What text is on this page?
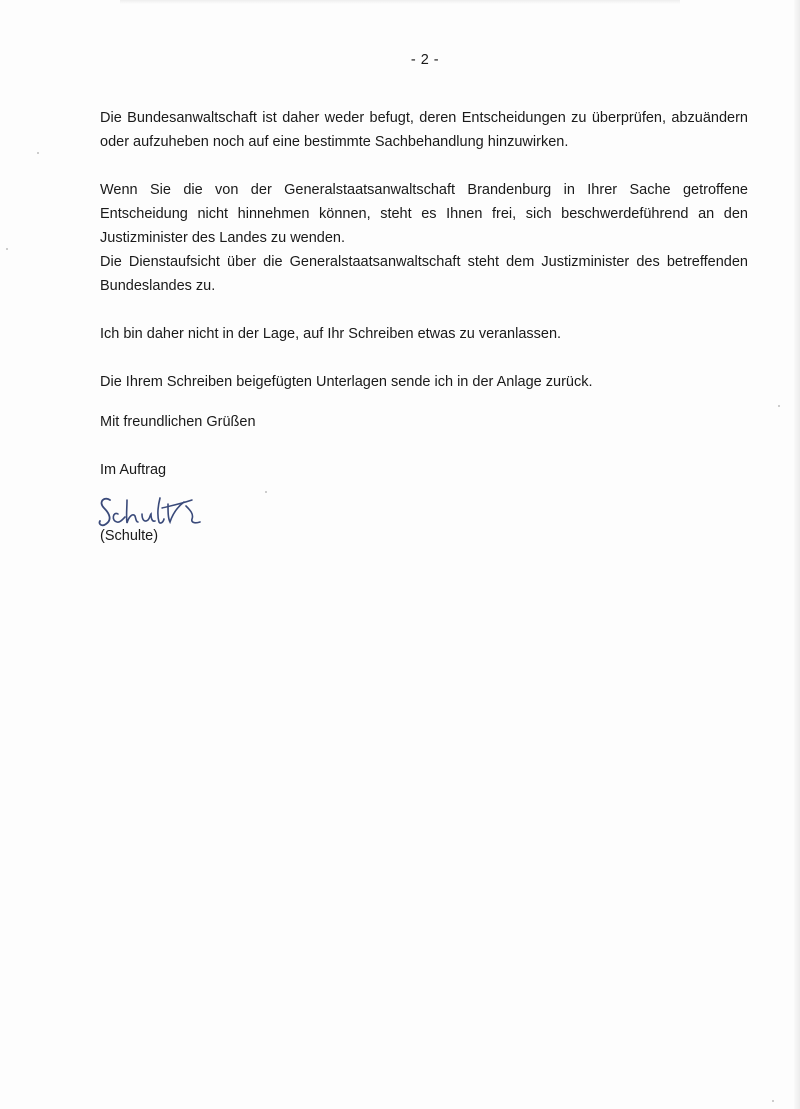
- 2 -

Die Bundesanwaltschaft ist daher weder befugt, deren Entscheidungen zu überprüfen, abzuändern oder aufzuheben noch auf eine bestimmte Sachbehandlung hinzuwirken.

Wenn Sie die von der Generalstaatsanwaltschaft Brandenburg in Ihrer Sache getroffene Entscheidung nicht hinnehmen können, steht es Ihnen frei, sich beschwerdeführend an den Justizminister des Landes zu wenden.

Die Dienstaufsicht über die Generalstaatsanwaltschaft steht dem Justizminister des betreffenden Bundeslandes zu.

Ich bin daher nicht in der Lage, auf Ihr Schreiben etwas zu veranlassen.

Die Ihrem Schreiben beigefügten Unterlagen sende ich in der Anlage zurück.

Mit freundlichen Grüßen

Im Auftrag

(Schulte)
